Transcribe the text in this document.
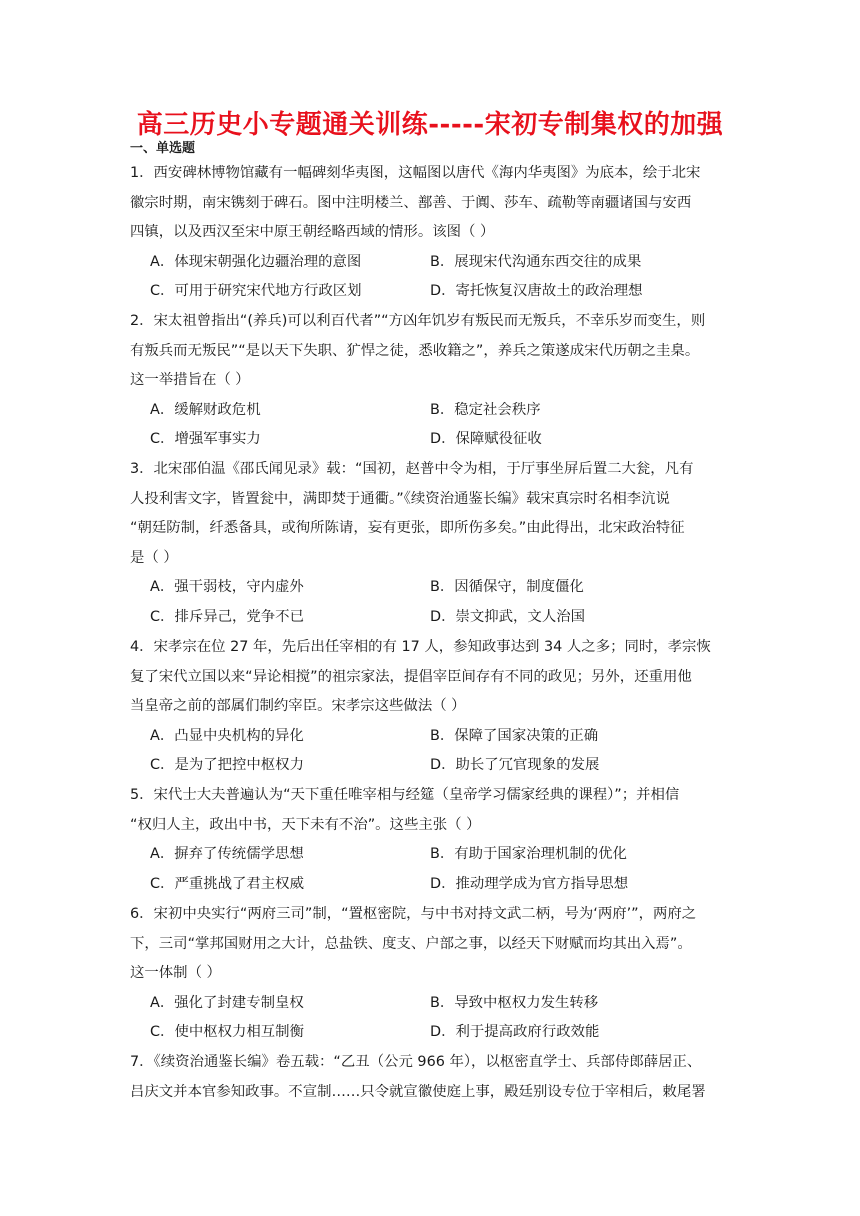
高三历史小专题通关训练-----宋初专制集权的加强
一、单选题
1．西安碑林博物馆藏有一幅碑刻华夷图，这幅图以唐代《海内华夷图》为底本，绘于北宋
徽宗时期，南宋镌刻于碑石。图中注明楼兰、鄯善、于阗、莎车、疏勒等南疆诸国与安西
四镇，以及西汉至宋中原王朝经略西域的情形。该图（ ）
A．体现宋朝强化边疆治理的意图	B．展现宋代沟通东西交往的成果
C．可用于研究宋代地方行政区划	D．寄托恢复汉唐故土的政治理想
2．宋太祖曾指出“(养兵)可以利百代者”“方凶年饥岁有叛民而无叛兵，不幸乐岁而变生，则
有叛兵而无叛民”“是以天下失职、犷悍之徒，悉收籍之”，养兵之策遂成宋代历朝之圭臬。
这一举措旨在（ ）
A．缓解财政危机	B．稳定社会秩序
C．增强军事实力	D．保障赋役征收
3．北宋邵伯温《邵氏闻见录》载：“国初，赵普中令为相，于厅事坐屏后置二大瓮，凡有
人投利害文字，皆置瓮中，满即焚于通衢。”《续资治通鉴长编》载宋真宗时名相李沆说
“朝廷防制，纤悉备具，或徇所陈请，妄有更张，即所伤多矣。”由此得出，北宋政治特征
是（ ）
A．强干弱枝，守内虚外	B．因循保守，制度僵化
C．排斥异己，党争不已	D．崇文抑武，文人治国
4．宋孝宗在位 27 年，先后出任宰相的有 17 人，参知政事达到 34 人之多；同时，孝宗恢
复了宋代立国以来“异论相搅”的祖宗家法，提倡宰臣间存有不同的政见；另外，还重用他
当皇帝之前的部属们制约宰臣。宋孝宗这些做法（ ）
A．凸显中央机构的异化	B．保障了国家决策的正确
C．是为了把控中枢权力	D．助长了冗官现象的发展
5．宋代士大夫普遍认为“天下重任唯宰相与经筵（皇帝学习儒家经典的课程）”；并相信
“权归人主，政出中书，天下未有不治”。这些主张（ ）
A．摒弃了传统儒学思想	B．有助于国家治理机制的优化
C．严重挑战了君主权威	D．推动理学成为官方指导思想
6．宋初中央实行“两府三司”制，“置枢密院，与中书对持文武二柄，号为‘两府’”，两府之
下，三司“掌邦国财用之大计，总盐铁、度支、户部之事，以经天下财赋而均其出入焉”。
这一体制（ ）
A．强化了封建专制皇权	B．导致中枢权力发生转移
C．使中枢权力相互制衡	D．利于提高政府行政效能
7．《续资治通鉴长编》卷五载：“乙丑（公元 966 年），以枢密直学士、兵部侍郎薛居正、
吕庆文并本官参知政事。不宣制……只令就宣徽使庭上事，殿廷别设专位于宰相后，敕尾署
